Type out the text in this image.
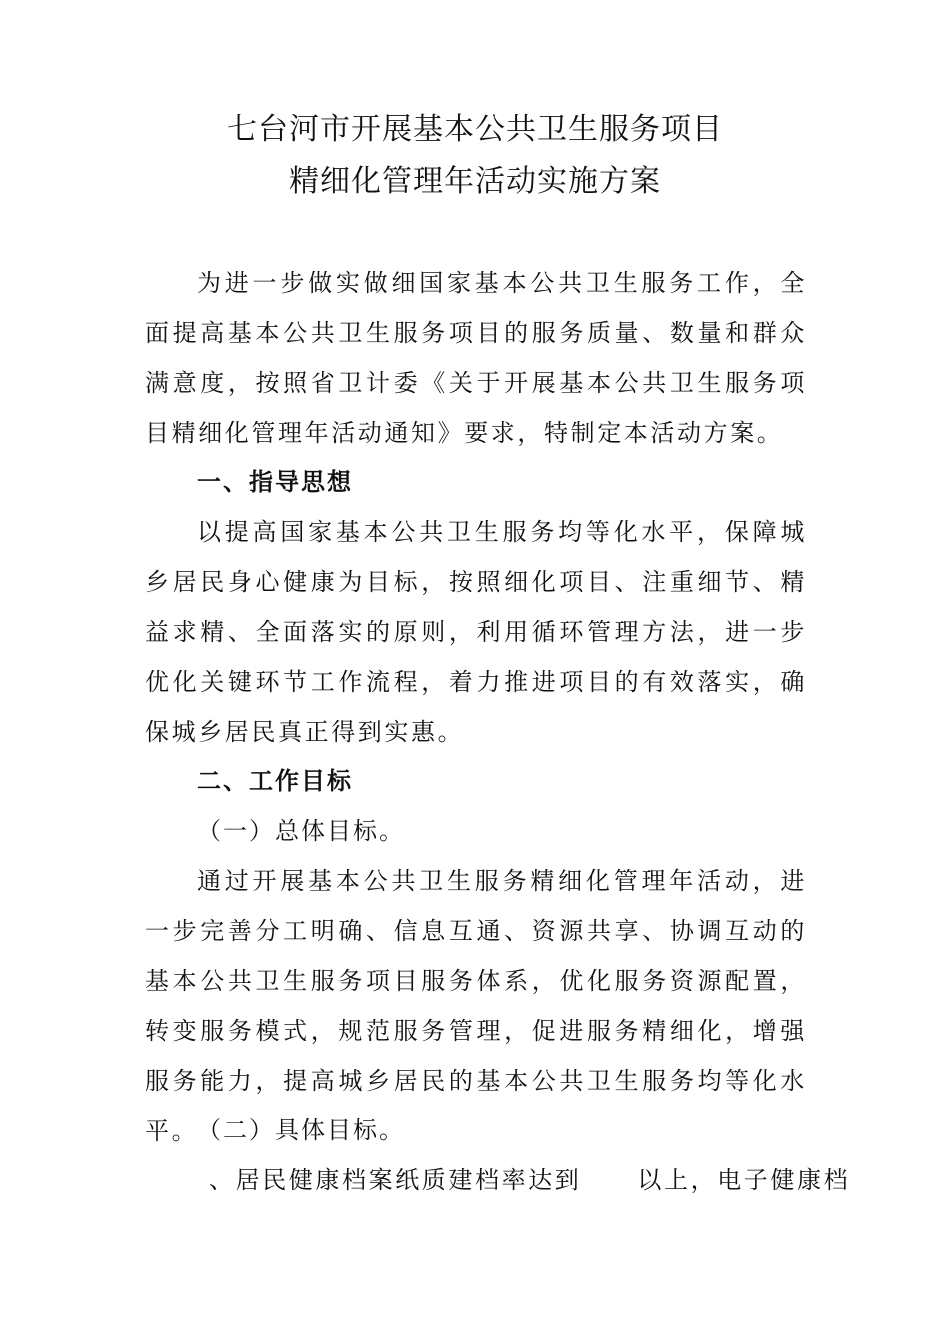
七台河市开展基本公共卫生服务项目
精细化管理年活动实施方案

为进一步做实做细国家基本公共卫生服务工作，全面提高基本公共卫生服务项目的服务质量、数量和群众满意度，按照省卫计委《关于开展基本公共卫生服务项目精细化管理年活动通知》要求，特制定本活动方案。

一、指导思想

以提高国家基本公共卫生服务均等化水平，保障城乡居民身心健康为目标，按照细化项目、注重细节、精益求精、全面落实的原则，利用循环管理方法，进一步优化关键环节工作流程，着力推进项目的有效落实，确保城乡居民真正得到实惠。

二、工作目标
（一）总体目标。

通过开展基本公共卫生服务精细化管理年活动，进一步完善分工明确、信息互通、资源共享、协调互动的基本公共卫生服务项目服务体系，优化服务资源配置，转变服务模式，规范服务管理，促进服务精细化，增强服务能力，提高城乡居民的基本公共卫生服务均等化水平。

（二）具体目标。

、居民健康档案纸质建档率达到 以上，电子健康档
